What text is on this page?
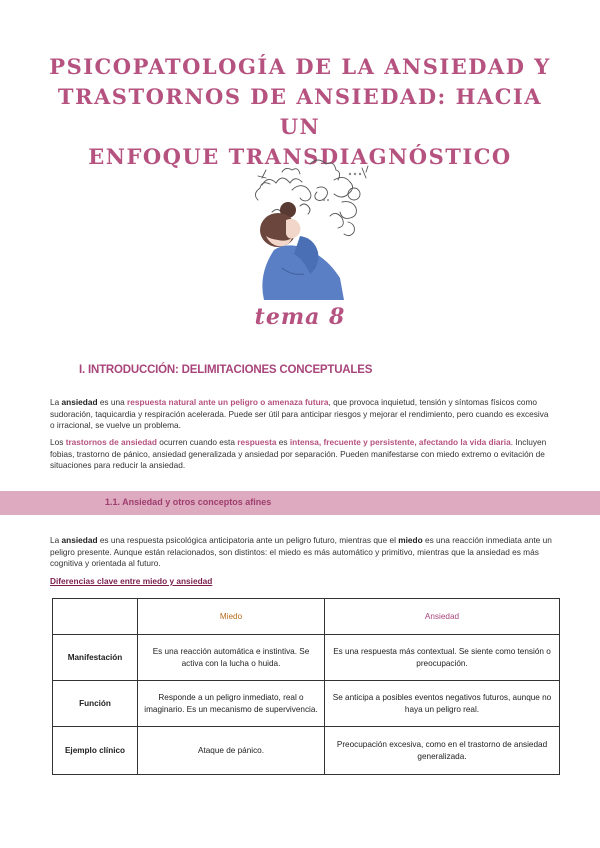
PSICOPATOLOGÍA DE LA ANSIEDAD Y
TRASTORNOS DE ANSIEDAD: HACIA UN
ENFOQUE TRANSDIAGNÓSTICO
tema 8
I. INTRODUCCIÓN: DELIMITACIONES CONCEPTUALES

La ansiedad es una respuesta natural ante un peligro o amenaza futura, que provoca inquietud, tensión y síntomas físicos como sudoración, taquicardia y respiración acelerada. Puede ser útil para anticipar riesgos y mejorar el rendimiento, pero cuando es excesiva o irracional, se vuelve un problema.

Los trastornos de ansiedad ocurren cuando esta respuesta es intensa, frecuente y persistente, afectando la vida diaria. Incluyen fobias, trastorno de pánico, ansiedad generalizada y ansiedad por separación. Pueden manifestarse con miedo extremo o evitación de situaciones para reducir la ansiedad.

1.1. Ansiedad y otros conceptos afines

La ansiedad es una respuesta psicológica anticipatoria ante un peligro futuro, mientras que el miedo es una reacción inmediata ante un peligro presente. Aunque están relacionados, son distintos: el miedo es más automático y primitivo, mientras que la ansiedad es más cognitiva y orientada al futuro.

Diferencias clave entre miedo y ansiedad

	Miedo	Ansiedad
Manifestación	Es una reacción automática e instintiva. Se activa con la lucha o huida.	Es una respuesta más contextual. Se siente como tensión o preocupación.
Función	Responde a un peligro inmediato, real o imaginario. Es un mecanismo de supervivencia.	Se anticipa a posibles eventos negativos futuros, aunque no haya un peligro real.
Ejemplo clínico	Ataque de pánico.	Preocupación excesiva, como en el trastorno de ansiedad generalizada.
